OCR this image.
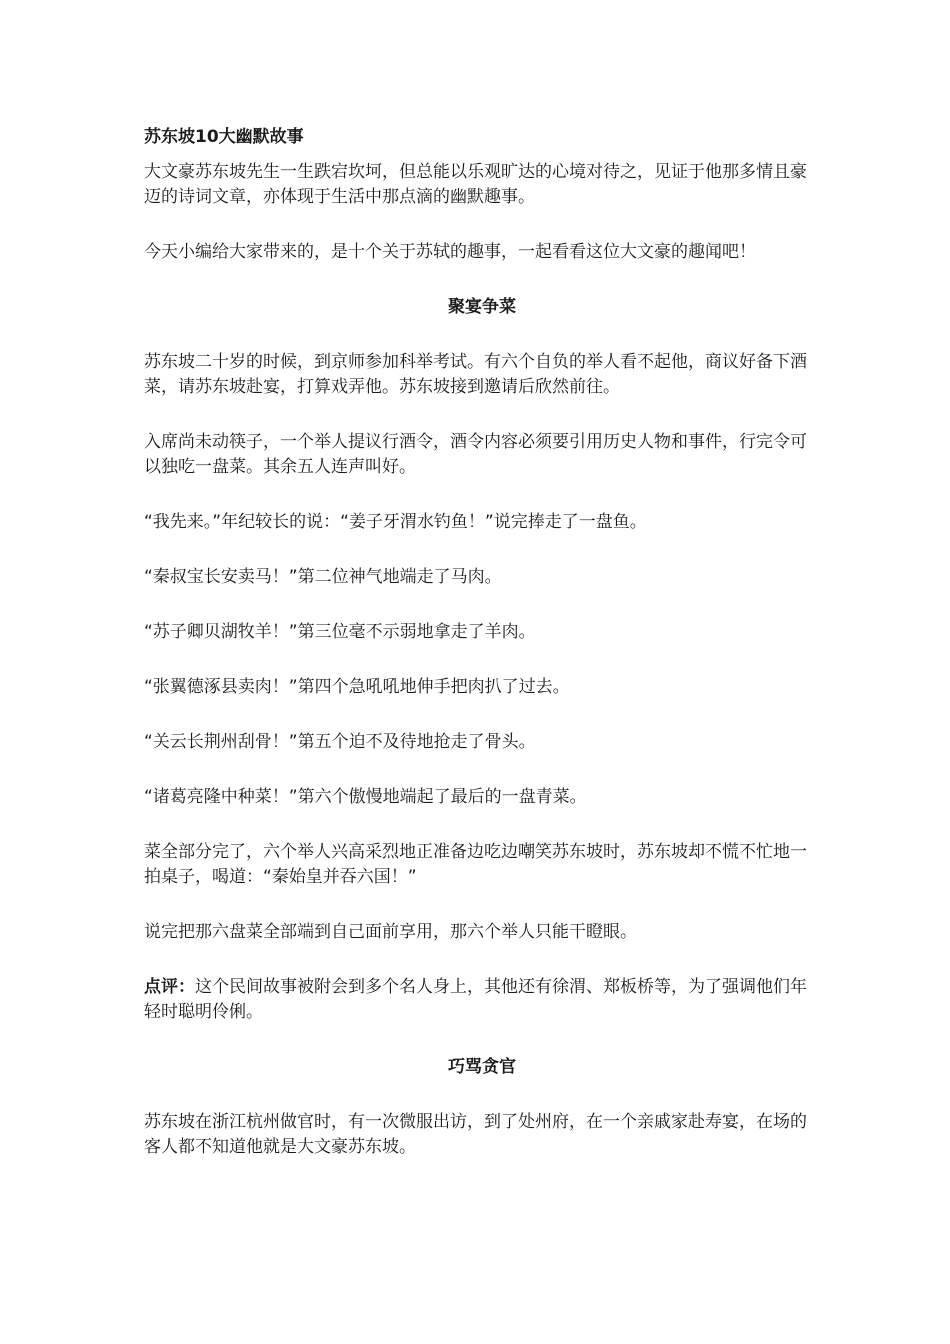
苏东坡10大幽默故事

大文豪苏东坡先生一生跌宕坎坷，但总能以乐观旷达的心境对待之，见证于他那多情且豪迈的诗词文章，亦体现于生活中那点滴的幽默趣事。

今天小编给大家带来的，是十个关于苏轼的趣事，一起看看这位大文豪的趣闻吧！

聚宴争菜

苏东坡二十岁的时候，到京师参加科举考试。有六个自负的举人看不起他，商议好备下酒菜，请苏东坡赴宴，打算戏弄他。苏东坡接到邀请后欣然前往。

入席尚未动筷子，一个举人提议行酒令，酒令内容必须要引用历史人物和事件，行完令可以独吃一盘菜。其余五人连声叫好。

“我先来。”年纪较长的说：“姜子牙渭水钓鱼！”说完捧走了一盘鱼。

“秦叔宝长安卖马！”第二位神气地端走了马肉。

“苏子卿贝湖牧羊！”第三位毫不示弱地拿走了羊肉。

“张翼德涿县卖肉！”第四个急吼吼地伸手把肉扒了过去。

“关云长荆州刮骨！”第五个迫不及待地抢走了骨头。

“诸葛亮隆中种菜！”第六个傲慢地端起了最后的一盘青菜。

菜全部分完了，六个举人兴高采烈地正准备边吃边嘲笑苏东坡时，苏东坡却不慌不忙地一拍桌子，喝道：“秦始皇并吞六国！”

说完把那六盘菜全部端到自己面前享用，那六个举人只能干瞪眼。

点评：这个民间故事被附会到多个名人身上，其他还有徐渭、郑板桥等，为了强调他们年轻时聪明伶俐。

巧骂贪官

苏东坡在浙江杭州做官时，有一次微服出访，到了处州府，在一个亲戚家赴寿宴，在场的客人都不知道他就是大文豪苏东坡。
